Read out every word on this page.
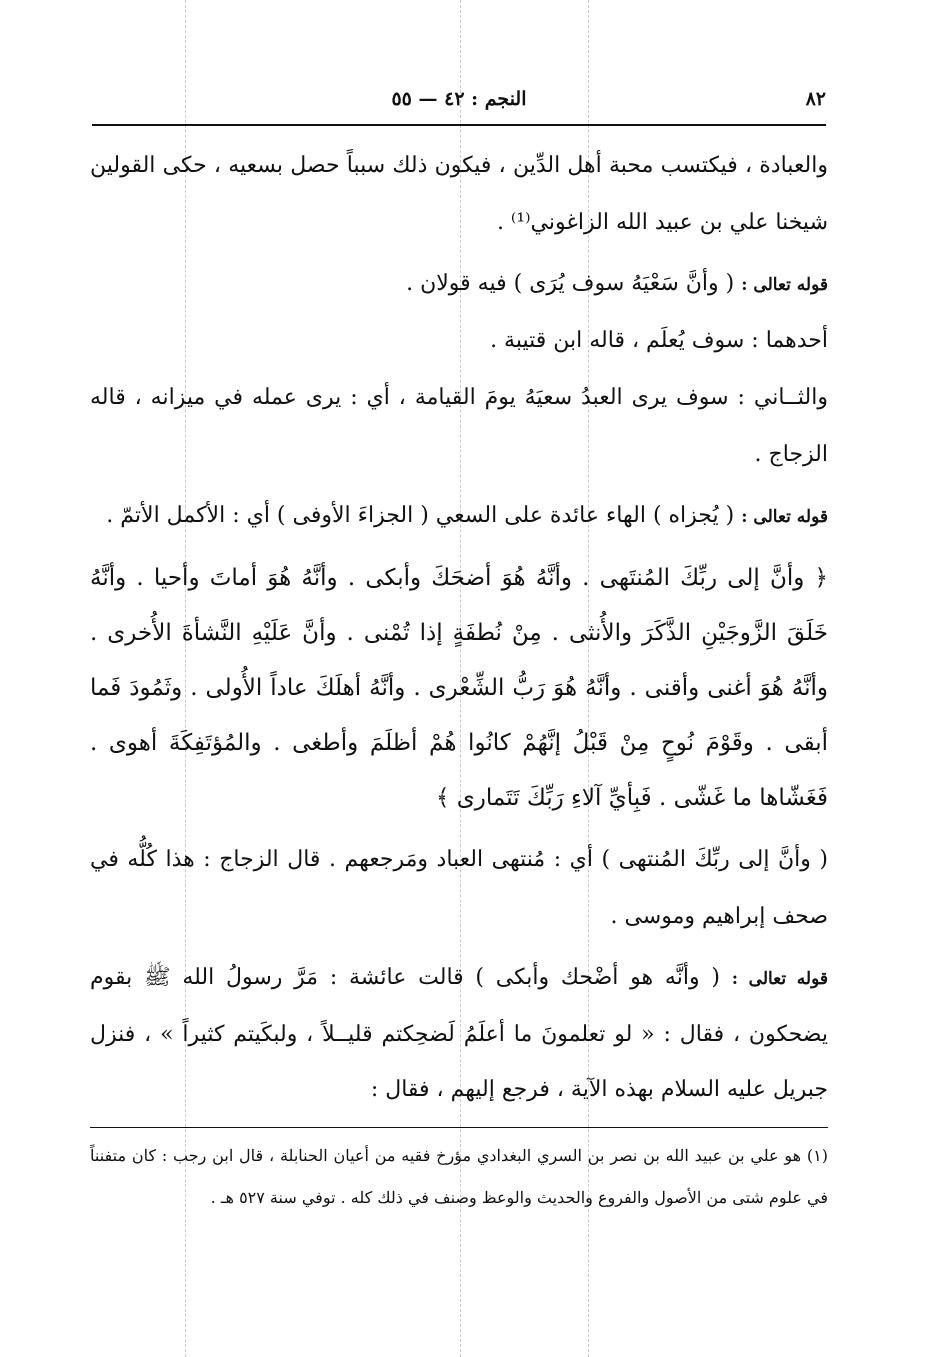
٨٢
النجم : ٤٢ — ٥٥

والعبادة ، فيكتسب محبة أهل الدِّين ، فيكون ذلك سبباً حصل بسعيه ، حكى القولين شيخنا علي بن عبيد الله الزاغوني⁽¹⁾ .

قوله تعالى : ( وأنَّ سَعْيَهُ سوف يُرَى ) فيه قولان .

أحدهما : سوف يُعلَم ، قاله ابن قتيبة .

والثــاني : سوف يرى العبدُ سعيَهُ يومَ القيامة ، أي : يرى عمله في ميزانه ، قاله الزجاج .

قوله تعالى : ( يُجزاه ) الهاء عائدة على السعي ( الجزاءَ الأوفى ) أي : الأكمل الأتمّ .

﴿ وأنَّ إلى ربِّكَ المُنتَهى . وأنَّهُ هُوَ أضحَكَ وأبكى . وأنَّهُ هُوَ أماتَ وأحيا . وأنَّهُ خَلَقَ الزَّوجَيْنِ الذَّكَرَ والأُنثى . مِنْ نُطفَةٍ إذا تُمْنى . وأنَّ عَلَيْهِ النَّشأةَ الأُخرى . وأنَّهُ هُوَ أغنى وأقنى . وأنَّهُ هُوَ رَبُّ الشِّعْرى . وأنَّهُ أهلَكَ عاداً الأُولى . وثَمُودَ فَما أبقى . وقَوْمَ نُوحٍ مِنْ قَبْلُ إنَّهُمْ كانُوا هُمْ أظلَمَ وأطغى . والمُؤتَفِكَةَ أهوى . فَغَشّاها ما غَشّى . فَبِأيِّ آلاءِ رَبِّكَ تَتَمارى ﴾

( وأنَّ إلى ربِّكَ المُنتهى ) أي : مُنتهى العباد ومَرجعهم . قال الزجاج : هذا كُلُّه في صحف إبراهيم وموسى .

قوله تعالى : ( وأنَّه هو أضْحك وأبكى ) قالت عائشة : مَرَّ رسولُ الله ﷺ بقوم يضحكون ، فقال : « لو تعلمونَ ما أعلَمُ لَضحِكتم قليــلاً ، ولبكَيتم كثيراً » ، فنزل جبريل عليه السلام بهذه الآية ، فرجع إليهم ، فقال :

(١) هو علي بن عبيد الله بن نصر بن السري البغدادي مؤرخ فقيه من أعيان الحنابلة ، قال ابن رجب : كان متفنناً في علوم شتى من الأصول والفروع والحديث والوعظ وصنف في ذلك كله . توفي سنة ٥٢٧ هـ .
